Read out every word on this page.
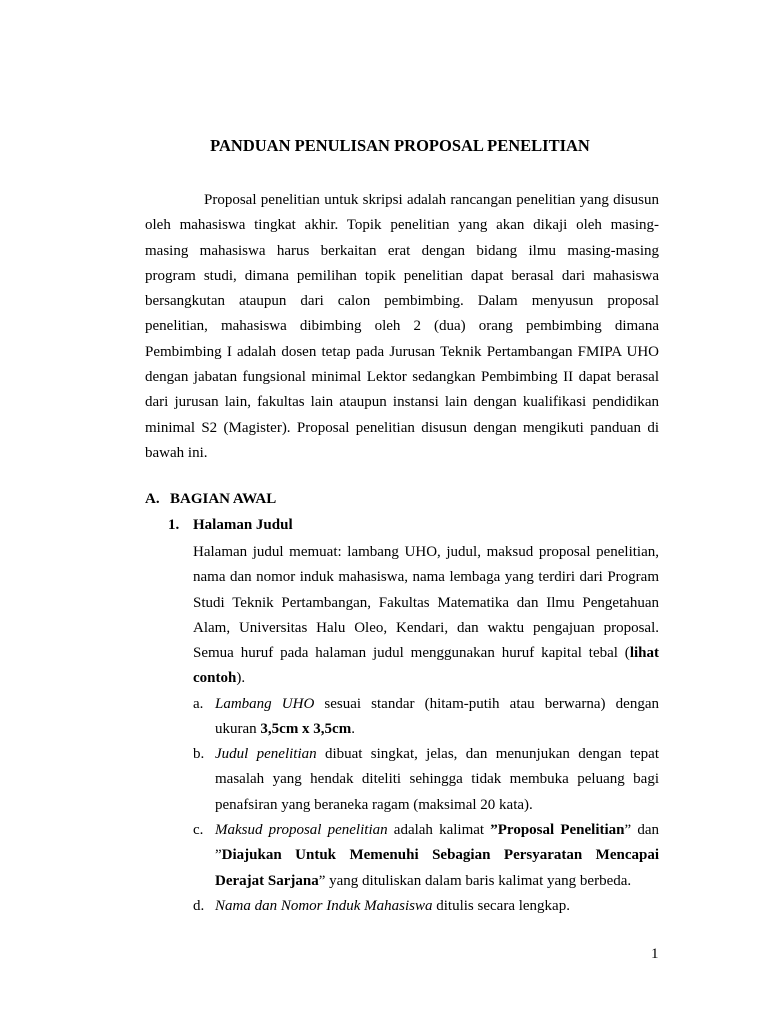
PANDUAN PENULISAN PROPOSAL PENELITIAN
Proposal penelitian untuk skripsi adalah rancangan penelitian yang disusun
oleh mahasiswa tingkat akhir. Topik penelitian yang akan dikaji oleh masing-
masing mahasiswa harus berkaitan erat dengan bidang ilmu masing-masing
program studi, dimana pemilihan topik penelitian dapat berasal dari mahasiswa
bersangkutan ataupun dari calon pembimbing. Dalam menyusun proposal
penelitian, mahasiswa dibimbing oleh 2 (dua) orang pembimbing dimana
Pembimbing I adalah dosen tetap pada Jurusan Teknik Pertambangan FMIPA UHO
dengan jabatan fungsional minimal Lektor sedangkan Pembimbing II dapat berasal
dari jurusan lain, fakultas lain ataupun instansi lain dengan kualifikasi pendidikan
minimal S2 (Magister). Proposal penelitian disusun dengan mengikuti panduan di
bawah ini.
A. BAGIAN AWAL
1. Halaman Judul
Halaman judul memuat: lambang UHO, judul, maksud proposal penelitian,
nama dan nomor induk mahasiswa, nama lembaga yang terdiri dari Program
Studi Teknik Pertambangan, Fakultas Matematika dan Ilmu Pengetahuan
Alam, Universitas Halu Oleo, Kendari, dan waktu pengajuan proposal.
Semua huruf pada halaman judul menggunakan huruf kapital tebal (lihat
contoh).
a. Lambang UHO sesuai standar (hitam-putih atau berwarna) dengan
ukuran 3,5cm x 3,5cm.
b. Judul penelitian dibuat singkat, jelas, dan menunjukan dengan tepat
masalah yang hendak diteliti sehingga tidak membuka peluang bagi
penafsiran yang beraneka ragam (maksimal 20 kata).
c. Maksud proposal penelitian adalah kalimat ”Proposal Penelitian” dan
”Diajukan Untuk Memenuhi Sebagian Persyaratan Mencapai
Derajat Sarjana” yang dituliskan dalam baris kalimat yang berbeda.
d. Nama dan Nomor Induk Mahasiswa ditulis secara lengkap.
1
